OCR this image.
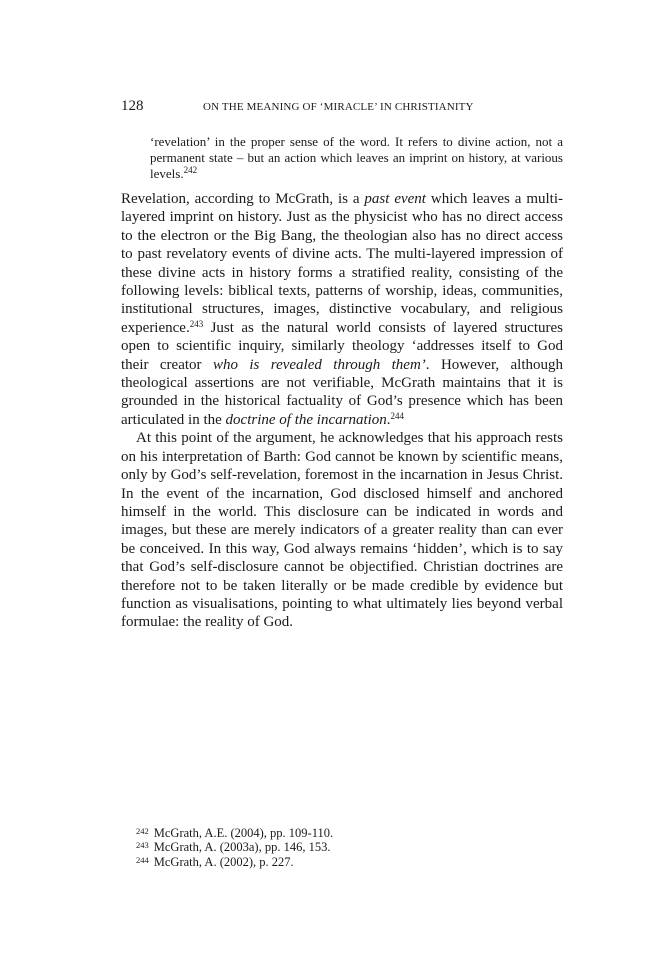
128	ON THE MEANING OF ‘MIRACLE’ IN CHRISTIANITY

‘revelation’ in the proper sense of the word. It refers to divine action, not a permanent state – but an action which leaves an imprint on history, at various levels.$^{242}$

Revelation, according to McGrath, is a past event which leaves a multi-layered imprint on history. Just as the physicist who has no direct access to the electron or the Big Bang, the theologian also has no direct access to past revelatory events of divine acts. The multi-layered impression of these divine acts in history forms a stratified reality, consisting of the following levels: biblical texts, patterns of worship, ideas, communities, institutional structures, images, distinctive vocabulary, and religious experience.$^{243}$ Just as the natural world consists of layered structures open to scientific inquiry, similarly theology ‘addresses itself to God their creator who is revealed through them’. However, although theological assertions are not verifiable, McGrath maintains that it is grounded in the historical factuality of God’s presence which has been articulated in the doctrine of the incarnation.$^{244}$

At this point of the argument, he acknowledges that his approach rests on his interpretation of Barth: God cannot be known by scientific means, only by God’s self-revelation, foremost in the incarnation in Jesus Christ. In the event of the incarnation, God disclosed himself and anchored himself in the world. This disclosure can be indicated in words and images, but these are merely indicators of a greater reality than can ever be conceived. In this way, God always remains ‘hidden’, which is to say that God’s self-disclosure cannot be objectified. Christian doctrines are therefore not to be taken literally or be made credible by evidence but function as visualisations, pointing to what ultimately lies beyond verbal formulae: the reality of God.

$^{242}$ McGrath, A.E. (2004), pp. 109-110.
$^{243}$ McGrath, A. (2003a), pp. 146, 153.
$^{244}$ McGrath, A. (2002), p. 227.
